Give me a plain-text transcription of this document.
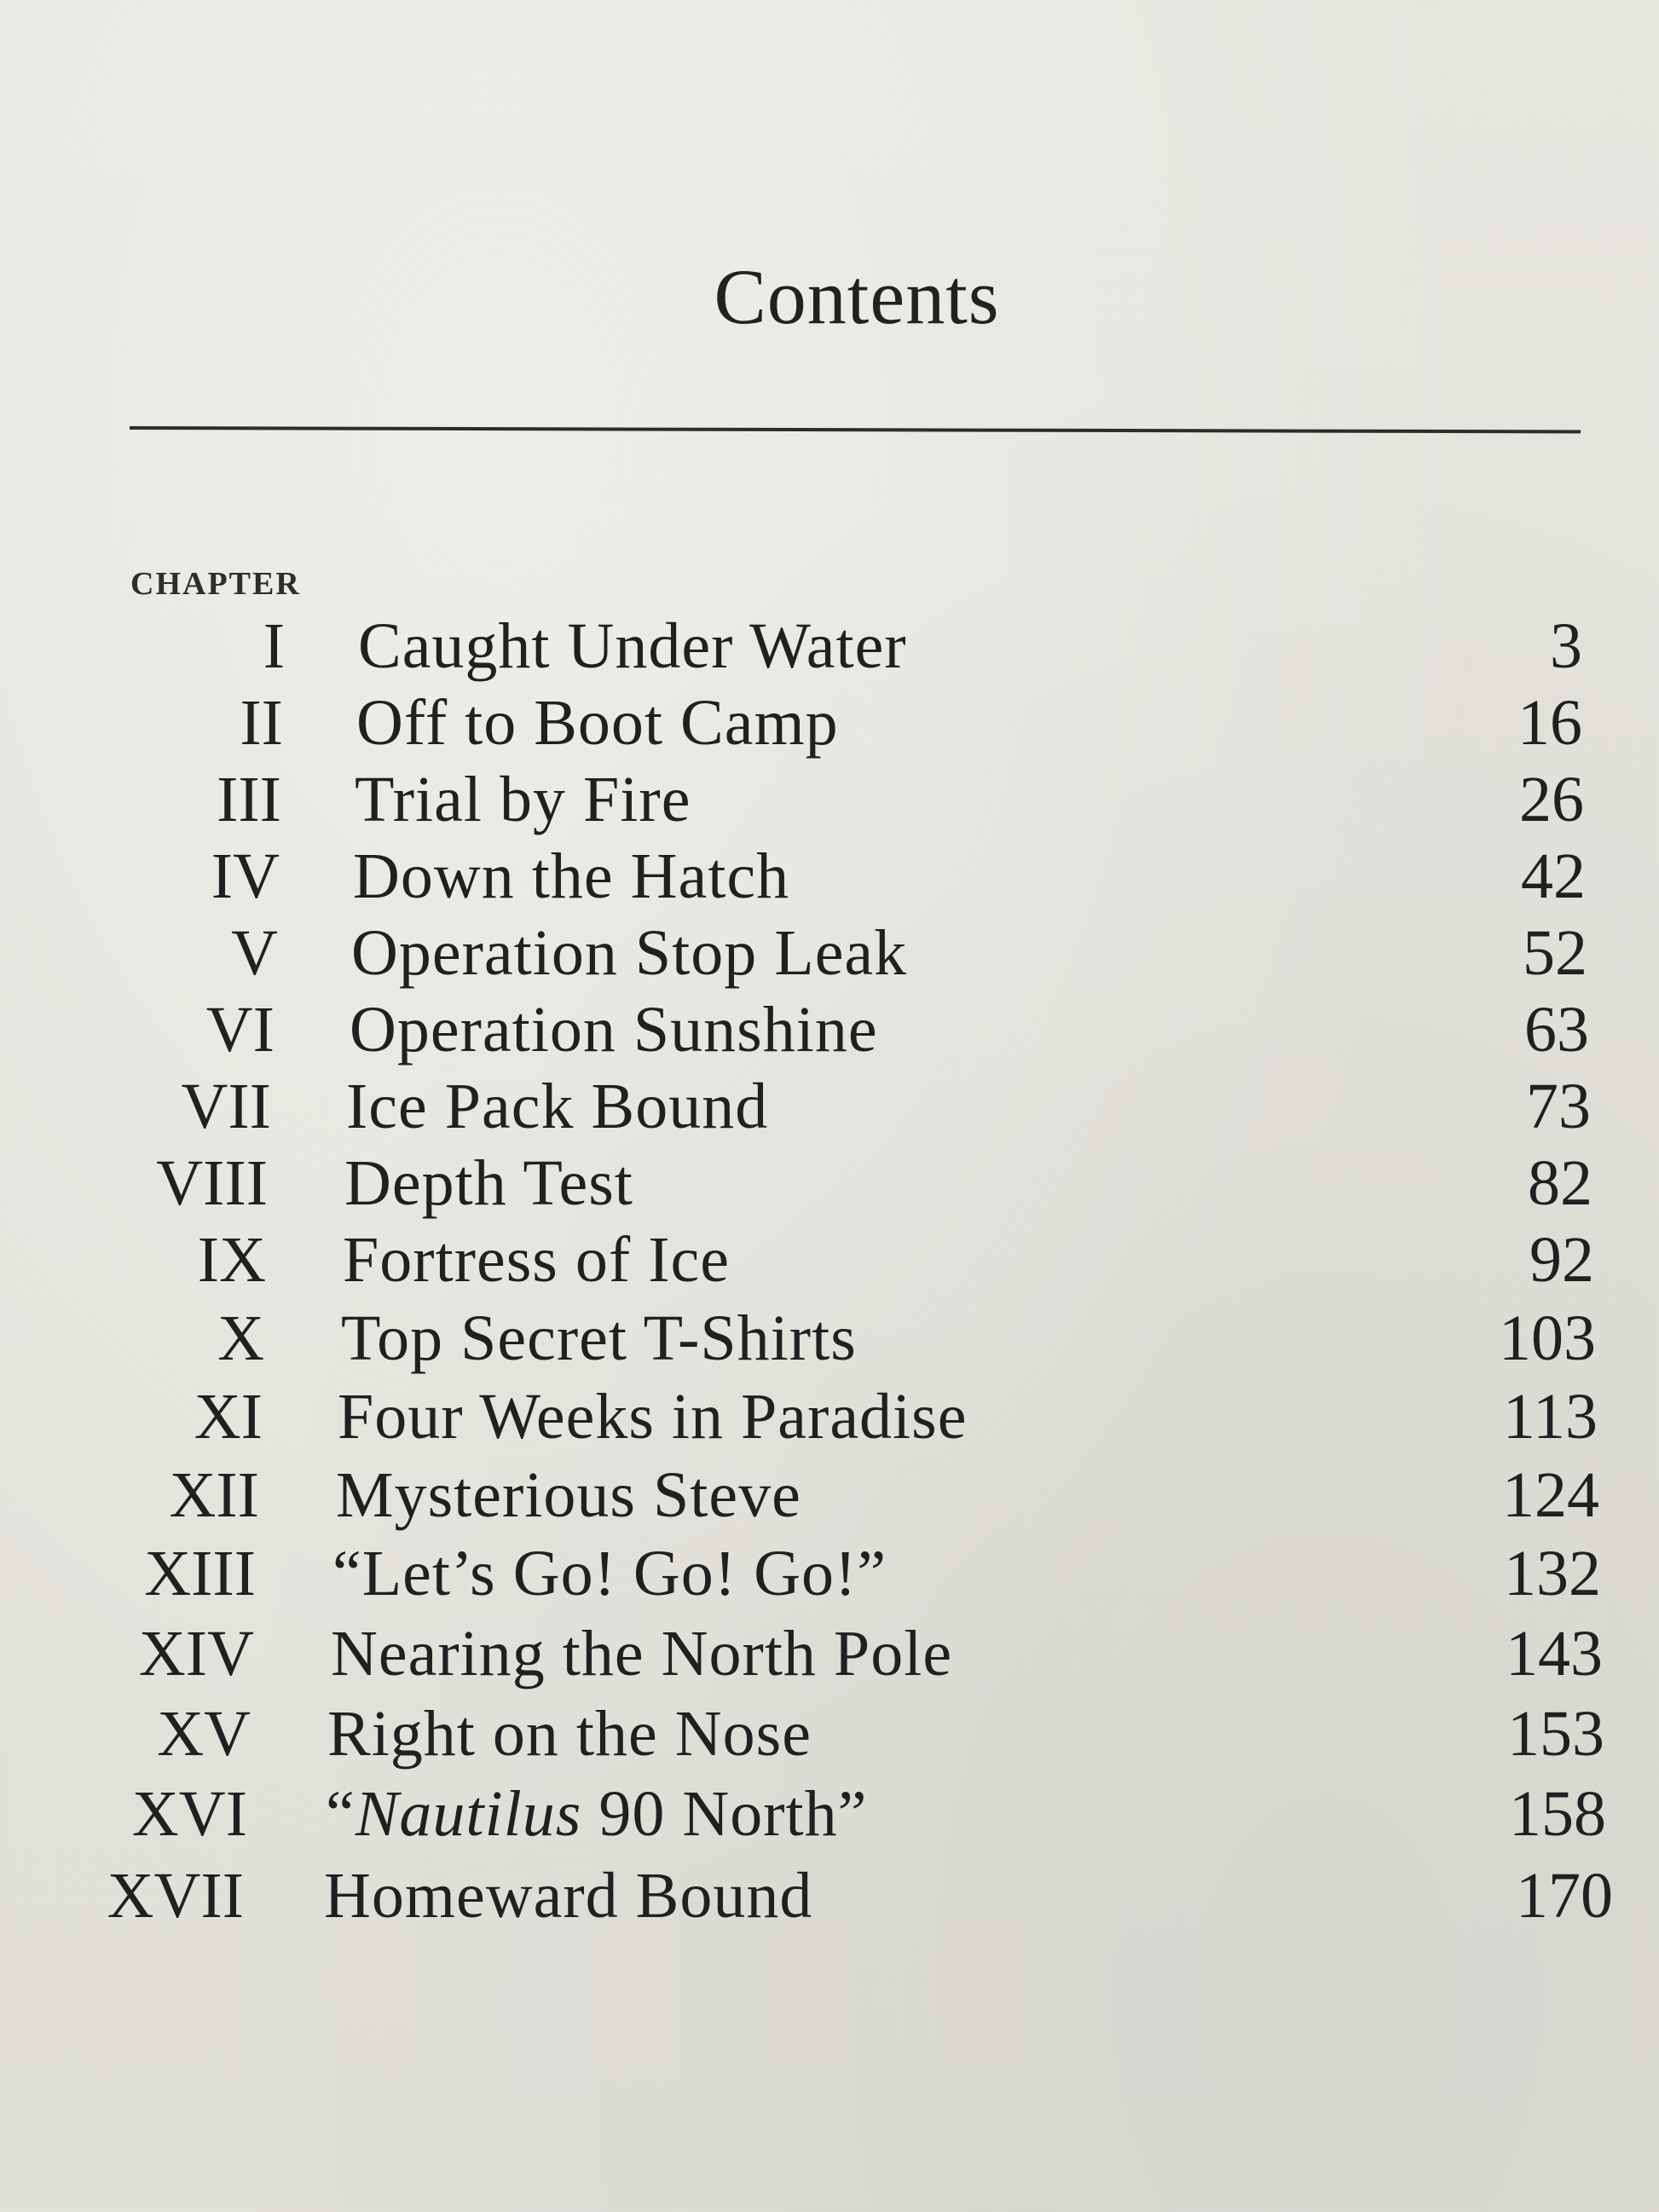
Contents
CHAPTER
I Caught Under Water	3
II Off to Boot Camp	16
III Trial by Fire	26
IV Down the Hatch	42
V Operation Stop Leak	52
VI Operation Sunshine	63
VII Ice Pack Bound	73
VIII Depth Test	82
IX Fortress of Ice	92
X Top Secret T-Shirts	103
XI Four Weeks in Paradise	113
XII Mysterious Steve	124
XIII “Let’s Go! Go! Go!”	132
XIV Nearing the North Pole	143
XV Right on the Nose	153
XVI “Nautilus 90 North”	158
XVII Homeward Bound	170
